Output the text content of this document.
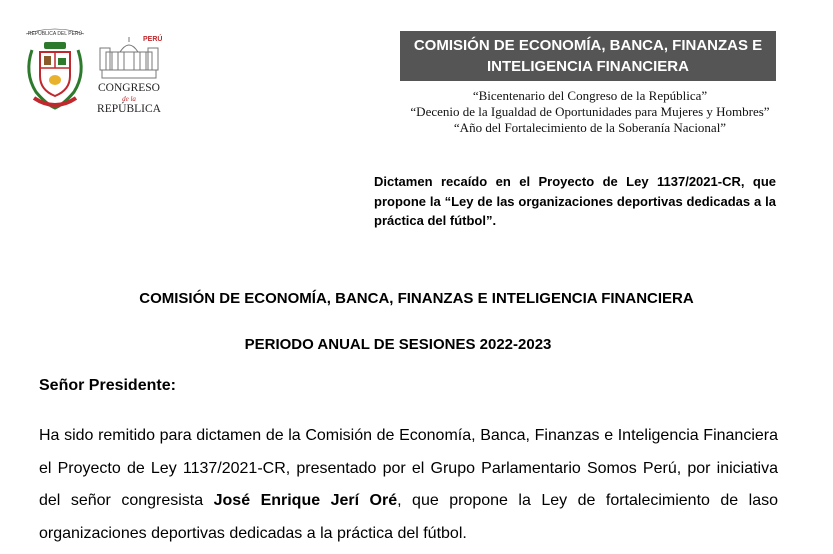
REPÚBLICA DEL PERÚ
PERÚ
CONGRESO
de la
REPÚBLICA
COMISIÓN DE ECONOMÍA, BANCA, FINANZAS E
INTELIGENCIA FINANCIERA
“Bicentenario del Congreso de la República”
“Decenio de la Igualdad de Oportunidades para Mujeres y Hombres”
“Año del Fortalecimiento de la Soberanía Nacional”
Dictamen recaído en el Proyecto de Ley 1137/2021-CR, que propone la “Ley de las organizaciones deportivas dedicadas a la práctica del fútbol”.
COMISIÓN DE ECONOMÍA, BANCA, FINANZAS E INTELIGENCIA FINANCIERA
PERIODO ANUAL DE SESIONES 2022-2023
Señor Presidente:
Ha sido remitido para dictamen de la Comisión de Economía, Banca, Finanzas e Inteligencia Financiera el Proyecto de Ley 1137/2021-CR, presentado por el Grupo Parlamentario Somos Perú, por iniciativa del señor congresista José Enrique Jerí Oré, que propone la Ley de fortalecimiento de laso organizaciones deportivas dedicadas a la práctica del fútbol.
